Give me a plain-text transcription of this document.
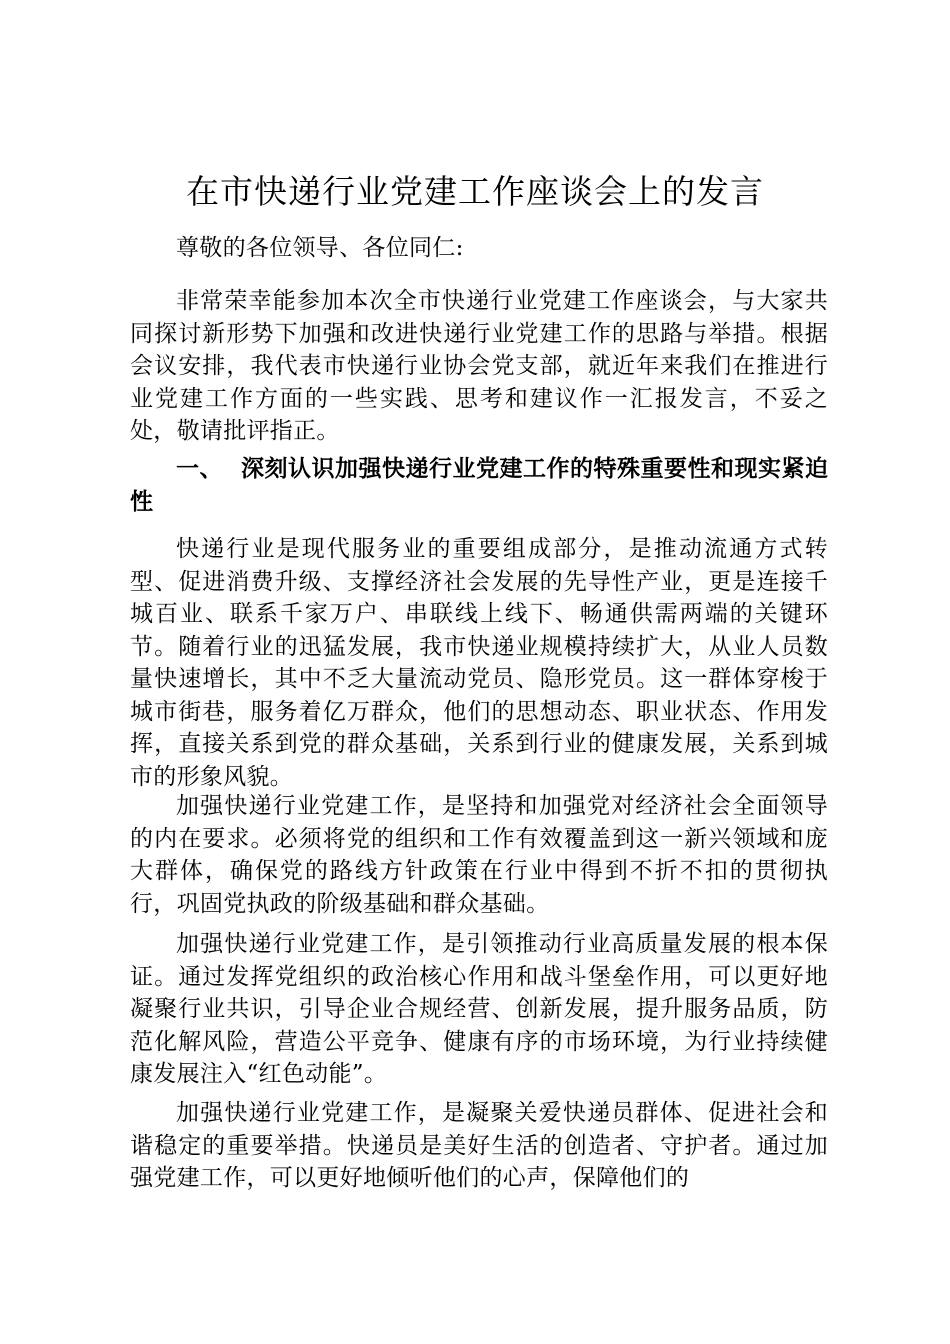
在市快递行业党建工作座谈会上的发言

尊敬的各位领导、各位同仁:

非常荣幸能参加本次全市快递行业党建工作座谈会，与大家共同探讨新形势下加强和改进快递行业党建工作的思路与举措。根据会议安排，我代表市快递行业协会党支部，就近年来我们在推进行业党建工作方面的一些实践、思考和建议作一汇报发言，不妥之处，敬请批评指正。

一、 深刻认识加强快递行业党建工作的特殊重要性和现实紧迫性

快递行业是现代服务业的重要组成部分，是推动流通方式转型、促进消费升级、支撑经济社会发展的先导性产业，更是连接千城百业、联系千家万户、串联线上线下、畅通供需两端的关键环节。随着行业的迅猛发展，我市快递业规模持续扩大，从业人员数量快速增长，其中不乏大量流动党员、隐形党员。这一群体穿梭于城市街巷，服务着亿万群众，他们的思想动态、职业状态、作用发挥，直接关系到党的群众基础，关系到行业的健康发展，关系到城市的形象风貌。

加强快递行业党建工作，是坚持和加强党对经济社会全面领导的内在要求。必须将党的组织和工作有效覆盖到这一新兴领域和庞大群体，确保党的路线方针政策在行业中得到不折不扣的贯彻执行，巩固党执政的阶级基础和群众基础。

加强快递行业党建工作，是引领推动行业高质量发展的根本保证。通过发挥党组织的政治核心作用和战斗堡垒作用，可以更好地凝聚行业共识，引导企业合规经营、创新发展，提升服务品质，防范化解风险，营造公平竞争、健康有序的市场环境，为行业持续健康发展注入“红色动能”。

加强快递行业党建工作，是凝聚关爱快递员群体、促进社会和谐稳定的重要举措。快递员是美好生活的创造者、守护者。通过加强党建工作，可以更好地倾听他们的心声，保障他们的
